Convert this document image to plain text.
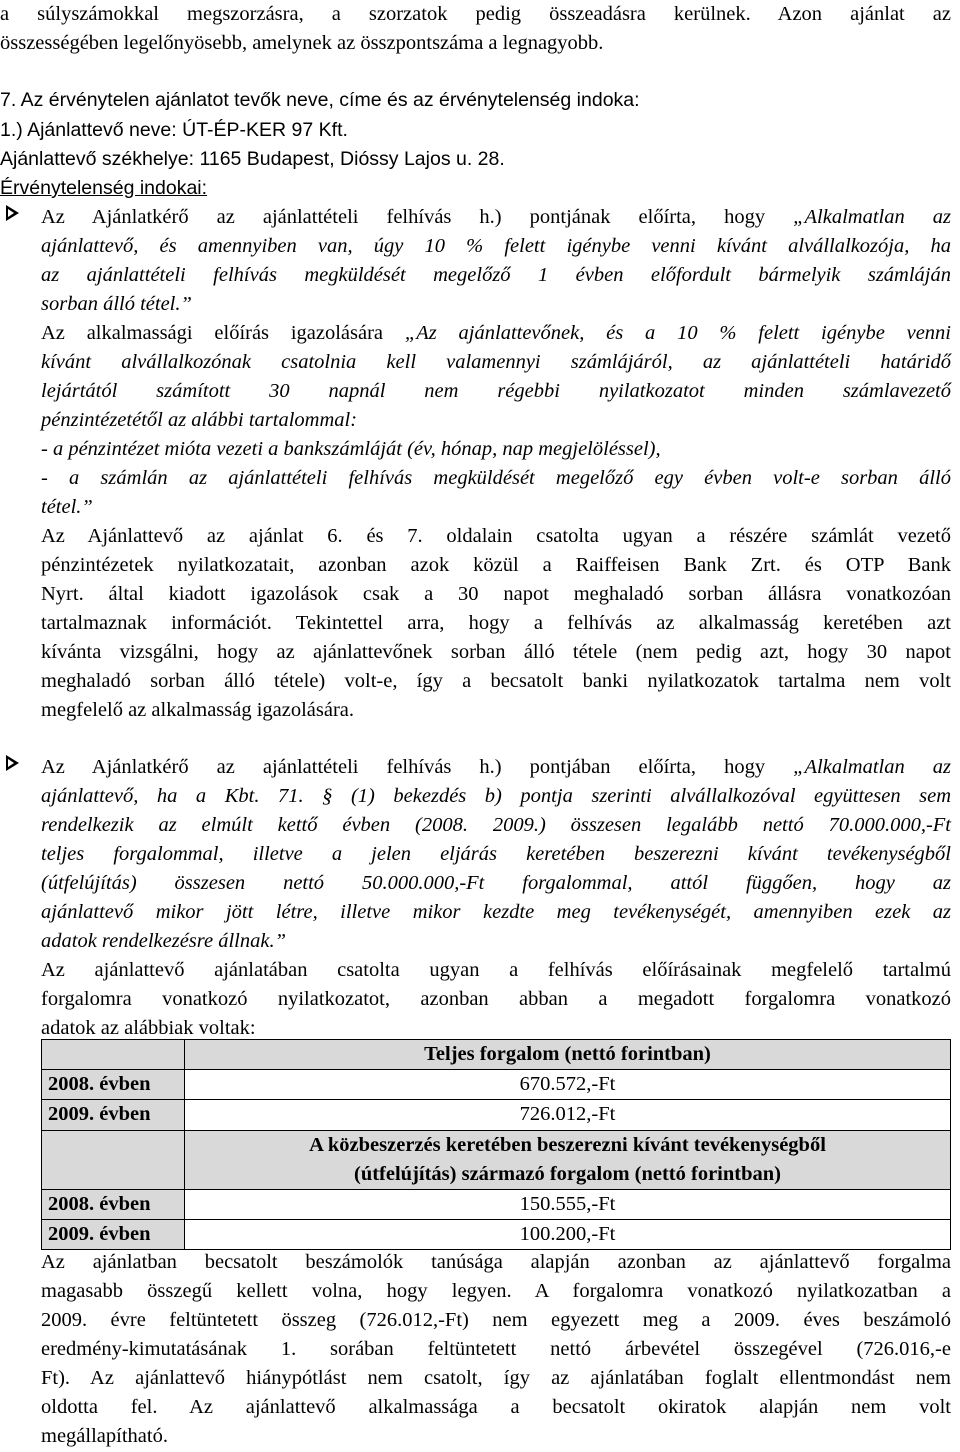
a súlyszámokkal megszorzásra, a szorzatok pedig összeadásra kerülnek. Azon ajánlat az
összességében legelőnyösebb, amelynek az összpontszáma a legnagyobb.
7. Az érvénytelen ajánlatot tevők neve, címe és az érvénytelenség indoka:
1.) Ajánlattevő neve: ÚT-ÉP-KER 97 Kft.
Ajánlattevő székhelye: 1165 Budapest, Dióssy Lajos u. 28.
Érvénytelenség indokai:
Az Ajánlatkérő az ajánlattételi felhívás h.) pontjának előírta, hogy „Alkalmatlan az
ajánlattevő, és amennyiben van, úgy 10 % felett igénybe venni kívánt alvállalkozója, ha
az ajánlattételi felhívás megküldését megelőző 1 évben előfordult bármelyik számláján
sorban álló tétel.”
Az alkalmassági előírás igazolására „Az ajánlattevőnek, és a 10 % felett igénybe venni
kívánt alvállalkozónak csatolnia kell valamennyi számlájáról, az ajánlattételi határidő
lejártától számított 30 napnál nem régebbi nyilatkozatot minden számlavezető
pénzintézetétől az alábbi tartalommal:
- a pénzintézet mióta vezeti a bankszámláját (év, hónap, nap megjelöléssel),
- a számlán az ajánlattételi felhívás megküldését megelőző egy évben volt-e sorban álló
tétel.”
Az Ajánlattevő az ajánlat 6. és 7. oldalain csatolta ugyan a részére számlát vezető
pénzintézetek nyilatkozatait, azonban azok közül a Raiffeisen Bank Zrt. és OTP Bank
Nyrt. által kiadott igazolások csak a 30 napot meghaladó sorban állásra vonatkozóan
tartalmaznak információt. Tekintettel arra, hogy a felhívás az alkalmasság keretében azt
kívánta vizsgálni, hogy az ajánlattevőnek sorban álló tétele (nem pedig azt, hogy 30 napot
meghaladó sorban álló tétele) volt-e, így a becsatolt banki nyilatkozatok tartalma nem volt
megfelelő az alkalmasság igazolására.
Az Ajánlatkérő az ajánlattételi felhívás h.) pontjában előírta, hogy „Alkalmatlan az
ajánlattevő, ha a Kbt. 71. § (1) bekezdés b) pontja szerinti alvállalkozóval együttesen sem
rendelkezik az elmúlt kettő évben (2008. 2009.) összesen legalább nettó 70.000.000,-Ft
teljes forgalommal, illetve a jelen eljárás keretében beszerezni kívánt tevékenységből
(útfelújítás) összesen nettó 50.000.000,-Ft forgalommal, attól függően, hogy az
ajánlattevő mikor jött létre, illetve mikor kezdte meg tevékenységét, amennyiben ezek az
adatok rendelkezésre állnak.”
Az ajánlattevő ajánlatában csatolta ugyan a felhívás előírásainak megfelelő tartalmú
forgalomra vonatkozó nyilatkozatot, azonban abban a megadott forgalomra vonatkozó
adatok az alábbiak voltak:
	Teljes forgalom (nettó forintban)
2008. évben	670.572,-Ft
2009. évben	726.012,-Ft
	A közbeszerzés keretében beszerezni kívánt tevékenységből
(útfelújítás) származó forgalom (nettó forintban)
2008. évben	150.555,-Ft
2009. évben	100.200,-Ft
Az ajánlatban becsatolt beszámolók tanúsága alapján azonban az ajánlattevő forgalma
magasabb összegű kellett volna, hogy legyen. A forgalomra vonatkozó nyilatkozatban a
2009. évre feltüntetett összeg (726.012,-Ft) nem egyezett meg a 2009. éves beszámoló
eredmény-kimutatásának 1. sorában feltüntetett nettó árbevétel összegével (726.016,-e
Ft). Az ajánlattevő hiánypótlást nem csatolt, így az ajánlatában foglalt ellentmondást nem
oldotta fel. Az ajánlattevő alkalmassága a becsatolt okiratok alapján nem volt
megállapítható.
